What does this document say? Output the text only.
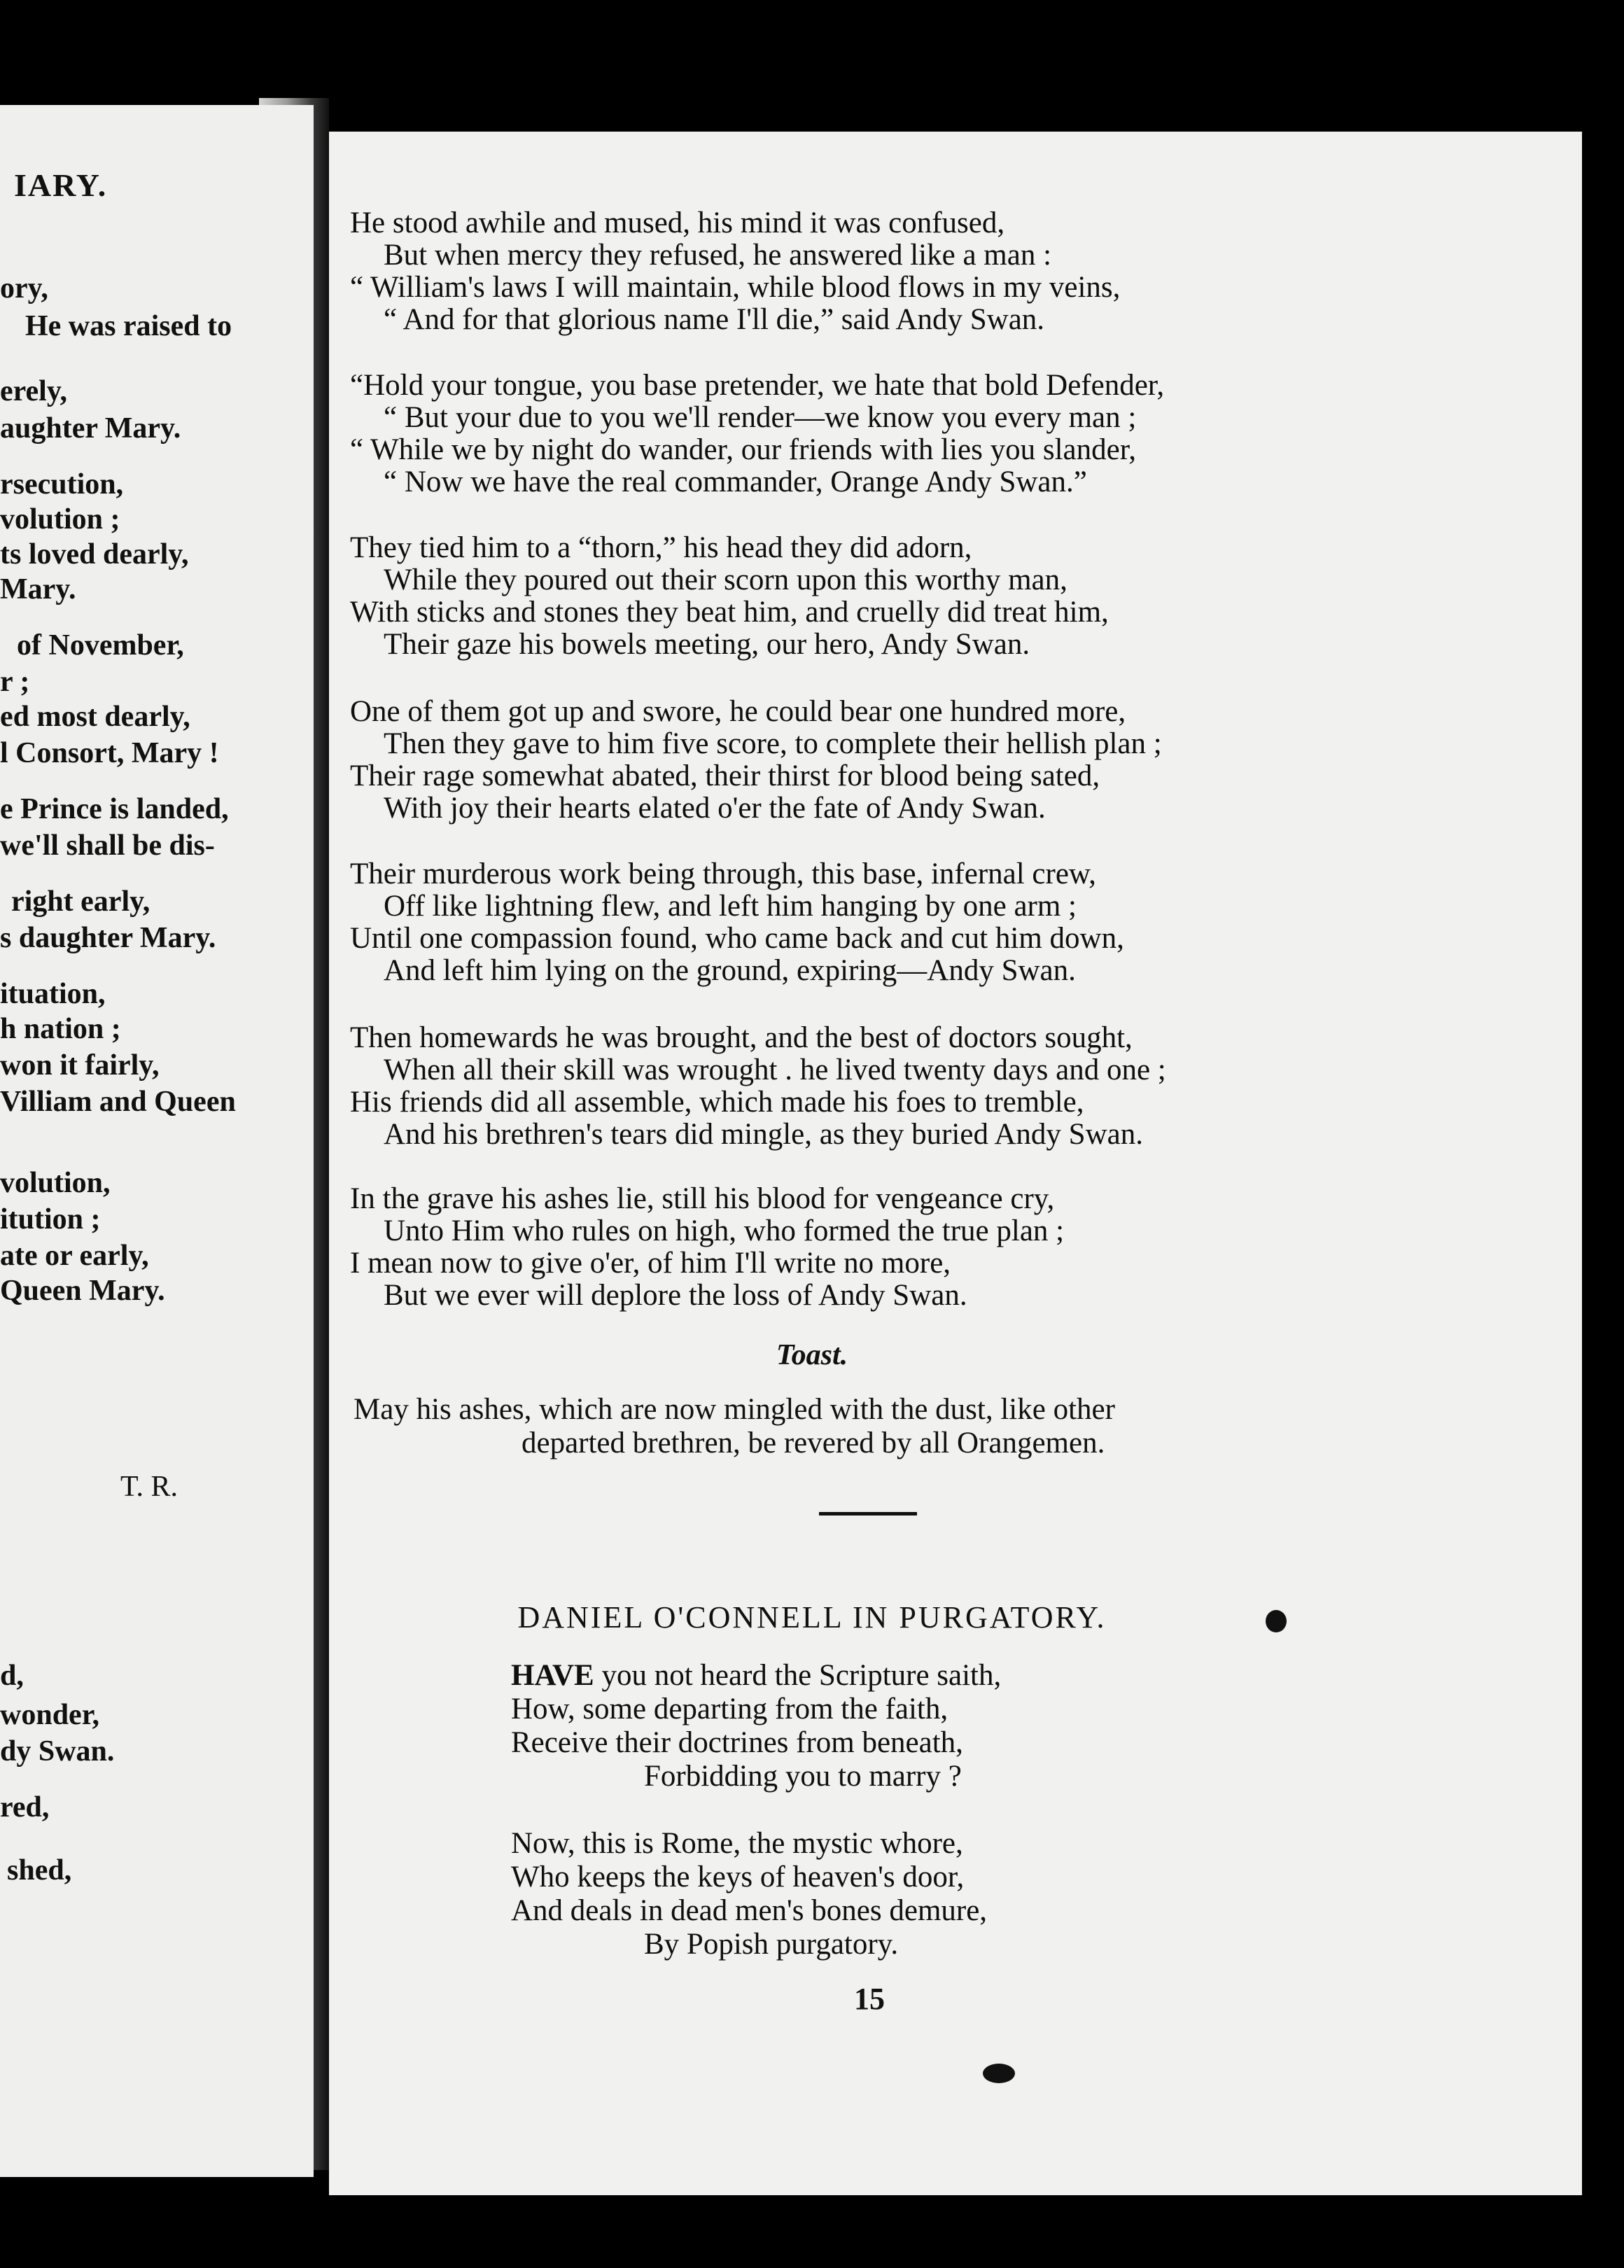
IARY.
ory,
He was raised to
erely,
aughter Mary.
rsecution,
volution ;
ts loved dearly,
Mary.
of November,
r ;
ed most dearly,
l Consort, Mary !
e Prince is landed,
we'll shall be dis-
right early,
s daughter Mary.
ituation,
h nation ;
won it fairly,
Villiam and Queen
volution,
itution ;
ate or early,
Queen Mary.
T. R.
d,
wonder,
dy Swan.
red,
shed,
He stood awhile and mused, his mind it was confused,
But when mercy they refused, he answered like a man :
“ William's laws I will maintain, while blood flows in my veins,
“ And for that glorious name I'll die,” said Andy Swan.
“Hold your tongue, you base pretender, we hate that bold Defender,
“ But your due to you we'll render—we know you every man ;
“ While we by night do wander, our friends with lies you slander,
“ Now we have the real commander, Orange Andy Swan.”
They tied him to a “thorn,” his head they did adorn,
While they poured out their scorn upon this worthy man,
With sticks and stones they beat him, and cruelly did treat him,
Their gaze his bowels meeting, our hero, Andy Swan.
One of them got up and swore, he could bear one hundred more,
Then they gave to him five score, to complete their hellish plan ;
Their rage somewhat abated, their thirst for blood being sated,
With joy their hearts elated o'er the fate of Andy Swan.
Their murderous work being through, this base, infernal crew,
Off like lightning flew, and left him hanging by one arm ;
Until one compassion found, who came back and cut him down,
And left him lying on the ground, expiring—Andy Swan.
Then homewards he was brought, and the best of doctors sought,
When all their skill was wrought . he lived twenty days and one ;
His friends did all assemble, which made his foes to tremble,
And his brethren's tears did mingle, as they buried Andy Swan.
In the grave his ashes lie, still his blood for vengeance cry,
Unto Him who rules on high, who formed the true plan ;
I mean now to give o'er, of him I'll write no more,
But we ever will deplore the loss of Andy Swan.
Toast.
May his ashes, which are now mingled with the dust, like other
departed brethren, be revered by all Orangemen.
DANIEL O'CONNELL IN PURGATORY.
HAVE you not heard the Scripture saith,
How, some departing from the faith,
Receive their doctrines from beneath,
Forbidding you to marry ?
Now, this is Rome, the mystic whore,
Who keeps the keys of heaven's door,
And deals in dead men's bones demure,
By Popish purgatory.
15
